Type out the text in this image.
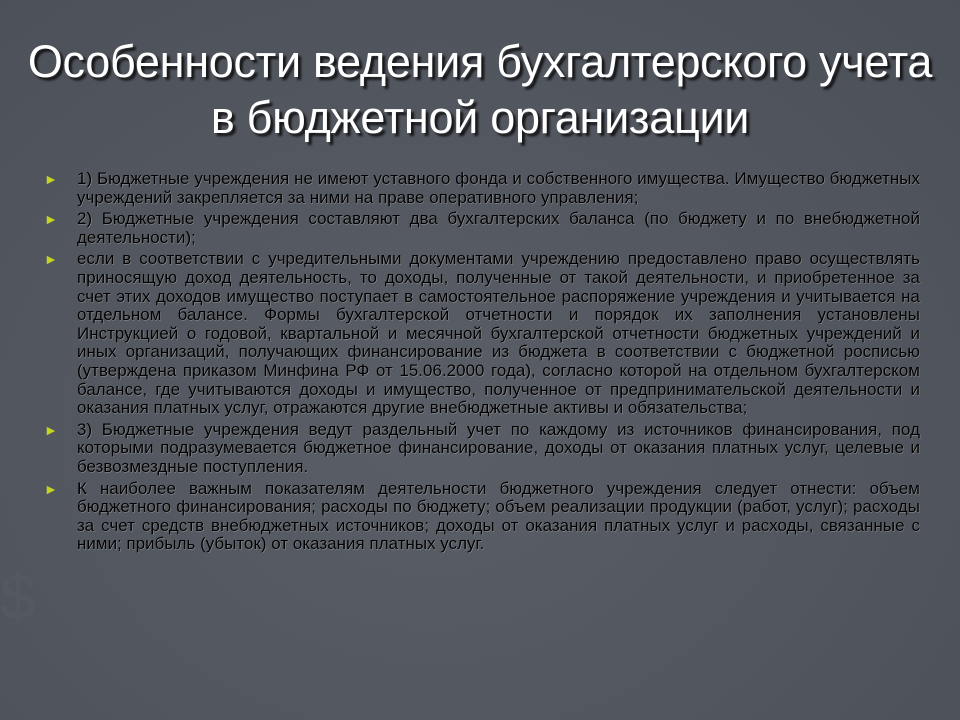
$
Особенности ведения бухгалтерского учета
в бюджетной организации
► 1) Бюджетные учреждения не имеют уставного фонда и собственного имущества. Имущество бюджетных учреждений закрепляется за ними на праве оперативного управления;
► 2) Бюджетные учреждения составляют два бухгалтерских баланса (по бюджету и по внебюджетной деятельности);
► если в соответствии с учредительными документами учреждению предоставлено право осуществлять приносящую доход деятельность, то доходы, полученные от такой деятельности, и приобретенное за счет этих доходов имущество поступает в самостоятельное распоряжение учреждения и учитывается на отдельном балансе. Формы бухгалтерской отчетности и порядок их заполнения установлены Инструкцией о годовой, квартальной и месячной бухгалтерской отчетности бюджетных учреждений и иных организаций, получающих финансирование из бюджета в соответствии с бюджетной росписью (утверждена приказом Минфина РФ от 15.06.2000 года), согласно которой на отдельном бухгалтерском балансе, где учитываются доходы и имущество, полученное от предпринимательской деятельности и оказания платных услуг, отражаются другие внебюджетные активы и обязательства;
► 3) Бюджетные учреждения ведут раздельный учет по каждому из источников финансирования, под которыми подразумевается бюджетное финансирование, доходы от оказания платных услуг, целевые и безвозмездные поступления.
► К наиболее важным показателям деятельности бюджетного учреждения следует отнести: объем бюджетного финансирования; расходы по бюджету; объем реализации продукции (работ, услуг); расходы за счет средств внебюджетных источников; доходы от оказания платных услуг и расходы, связанные с ними; прибыль (убыток) от оказания платных услуг.
